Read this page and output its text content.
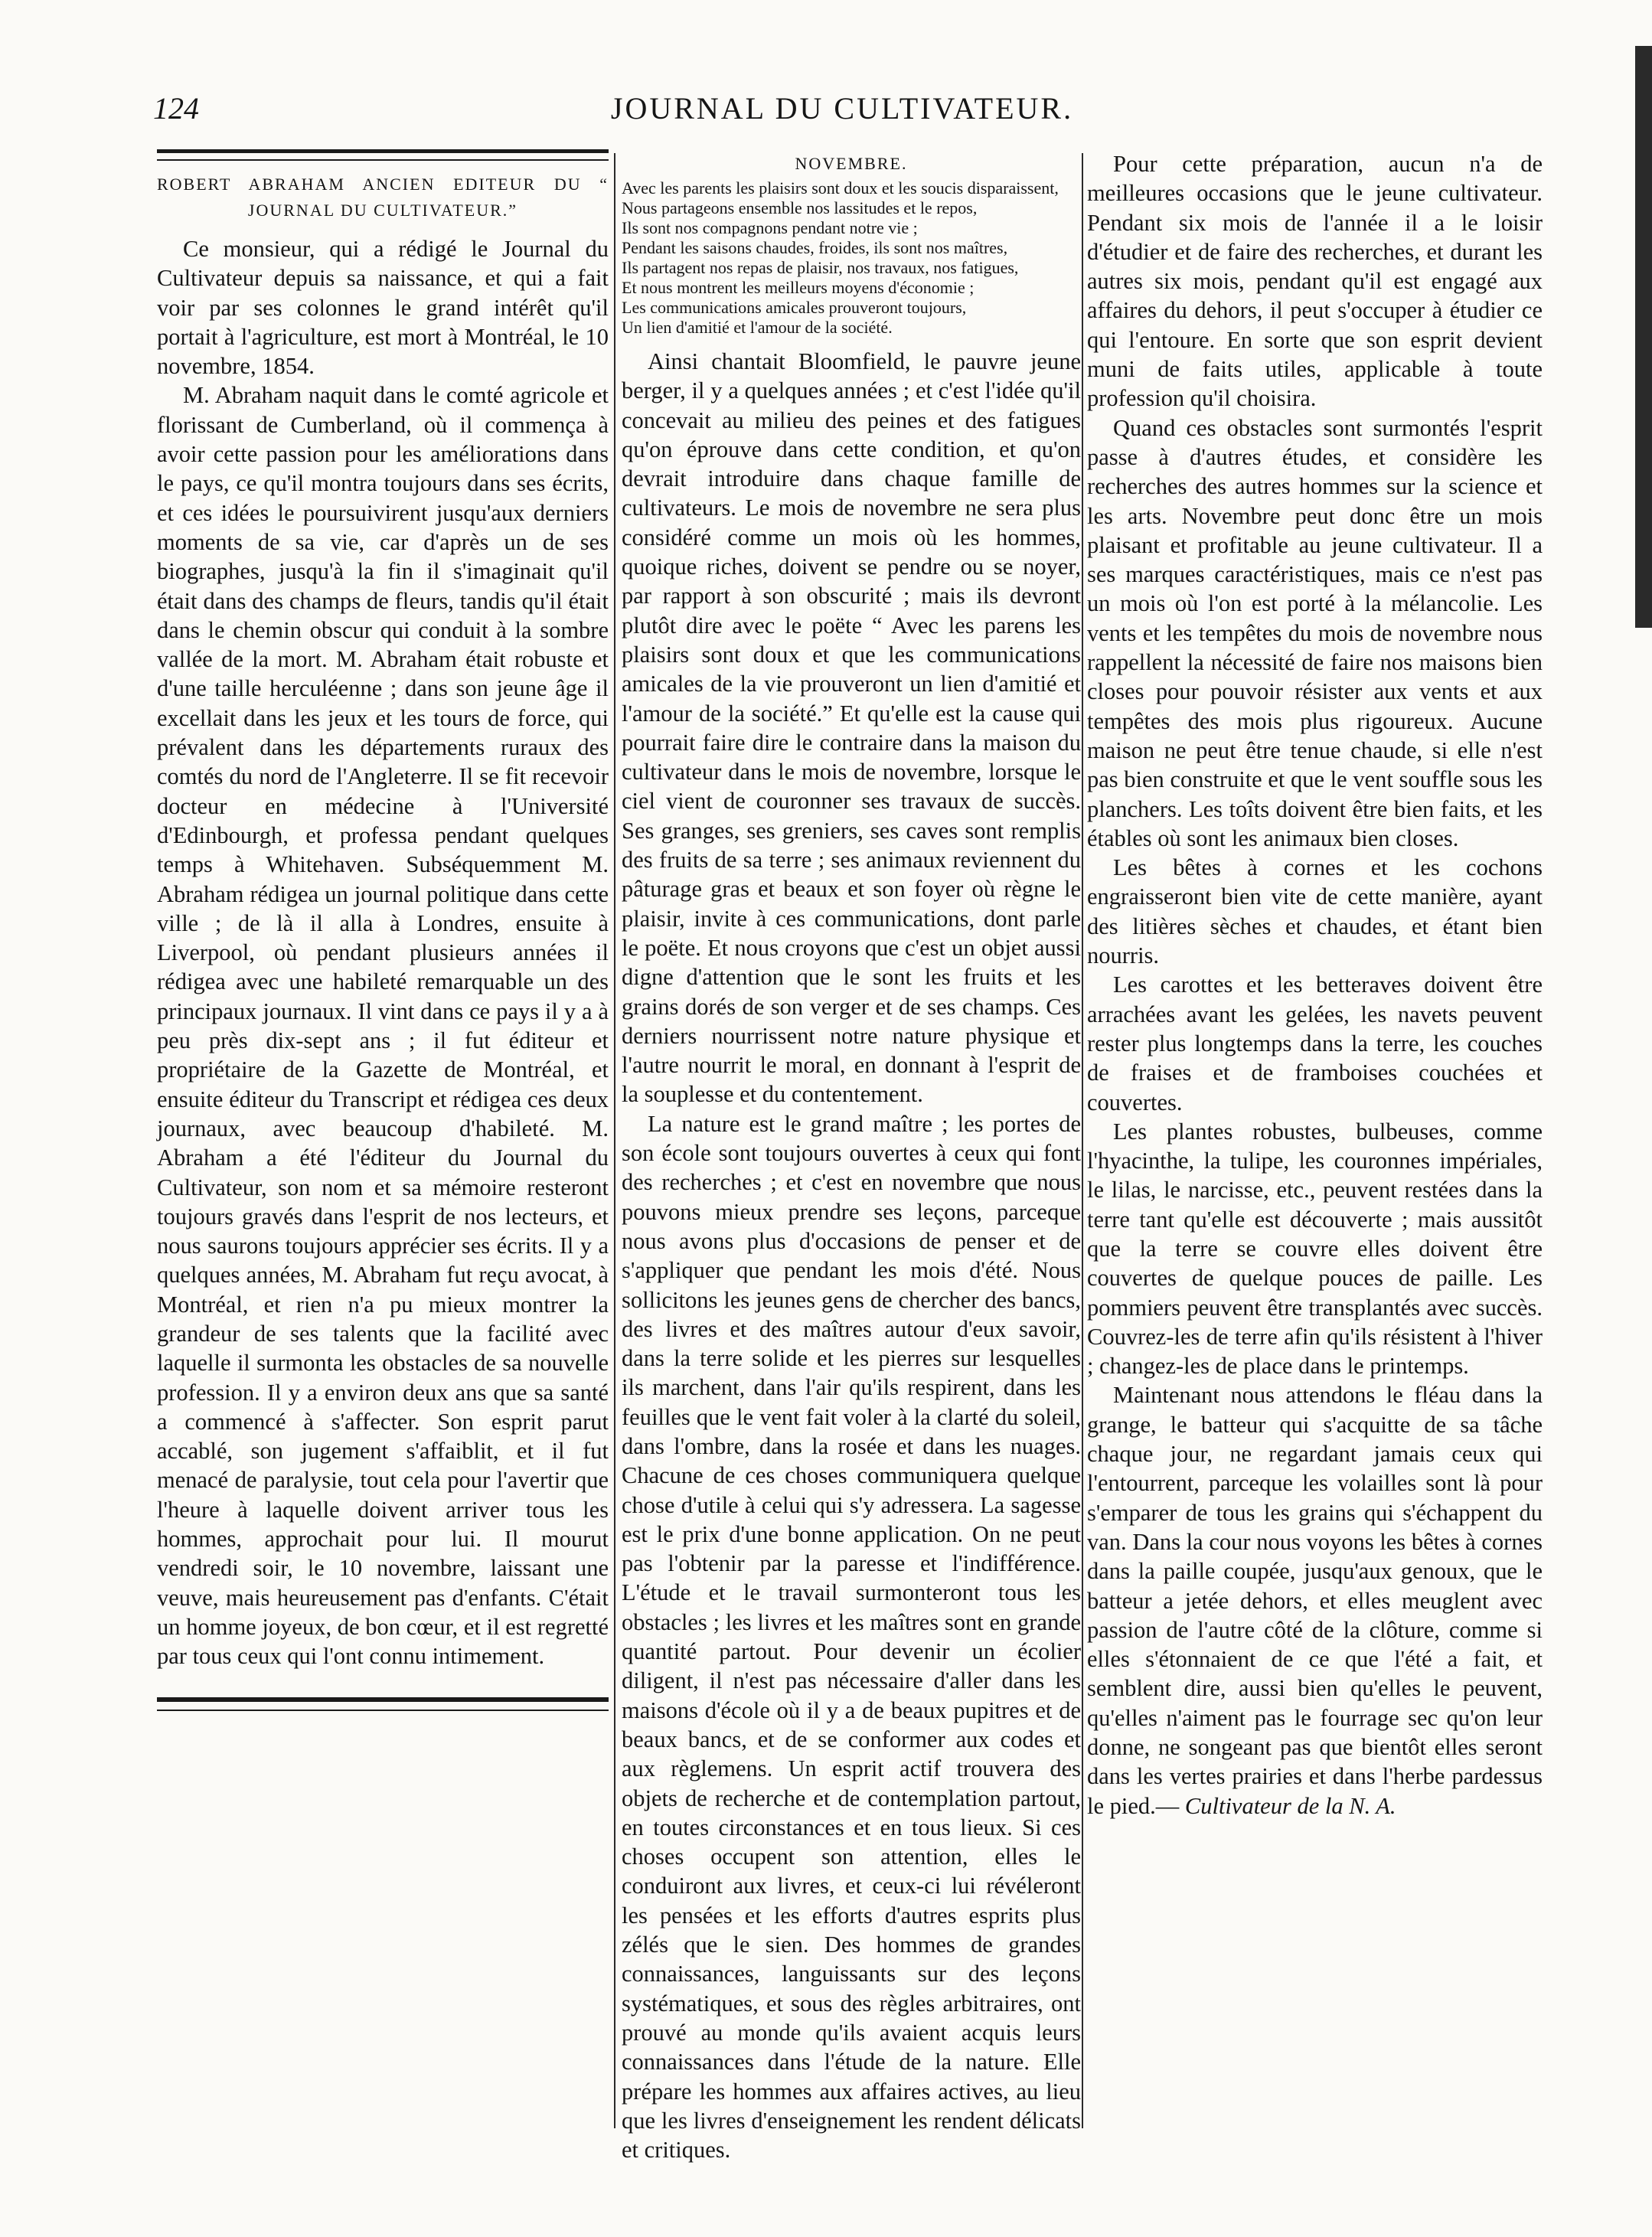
124	JOURNAL DU CULTIVATEUR.
ROBERT ABRAHAM ANCIEN EDITEUR DU “ JOURNAL DU CULTIVATEUR.”

Ce monsieur, qui a rédigé le Journal du Cultivateur depuis sa naissance, et qui a fait voir par ses colonnes le grand intérêt qu'il portait à l'agriculture, est mort à Montréal, le 10 novembre, 1854.

M. Abraham naquit dans le comté agricole et florissant de Cumberland, où il commença à avoir cette passion pour les améliorations dans le pays, ce qu'il montra toujours dans ses écrits, et ces idées le poursuivirent jusqu'aux derniers moments de sa vie, car d'après un de ses biographes, jusqu'à la fin il s'imaginait qu'il était dans des champs de fleurs, tandis qu'il était dans le chemin obscur qui conduit à la sombre vallée de la mort. M. Abraham était robuste et d'une taille herculéenne ; dans son jeune âge il excellait dans les jeux et les tours de force, qui prévalent dans les départements ruraux des comtés du nord de l'Angleterre. Il se fit recevoir docteur en médecine à l'Université d'Edinbourgh, et professa pendant quelques temps à Whitehaven. Subséquemment M. Abraham rédigea un journal politique dans cette ville ; de là il alla à Londres, ensuite à Liverpool, où pendant plusieurs années il rédigea avec une habileté remarquable un des principaux journaux. Il vint dans ce pays il y a à peu près dix-sept ans ; il fut éditeur et propriétaire de la Gazette de Montréal, et ensuite éditeur du Transcript et rédigea ces deux journaux, avec beaucoup d'habileté. M. Abraham a été l'éditeur du Journal du Cultivateur, son nom et sa mémoire resteront toujours gravés dans l'esprit de nos lecteurs, et nous saurons toujours apprécier ses écrits. Il y a quelques années, M. Abraham fut reçu avocat, à Montréal, et rien n'a pu mieux montrer la grandeur de ses talents que la facilité avec laquelle il surmonta les obstacles de sa nouvelle profession. Il y a environ deux ans que sa santé a commencé à s'affecter. Son esprit parut accablé, son jugement s'affaiblit, et il fut menacé de paralysie, tout cela pour l'avertir que l'heure à laquelle doivent arriver tous les hommes, approchait pour lui. Il mourut vendredi soir, le 10 novembre, laissant une veuve, mais heureusement pas d'enfants. C'était un homme joyeux, de bon cœur, et il est regretté par tous ceux qui l'ont connu intimement.

NOVEMBRE.
Avec les parents les plaisirs sont doux et les soucis disparaissent,
Nous partageons ensemble nos lassitudes et le repos,
Ils sont nos compagnons pendant notre vie ;
Pendant les saisons chaudes, froides, ils sont nos maîtres,
Ils partagent nos repas de plaisir, nos travaux, nos fatigues,
Et nous montrent les meilleurs moyens d'économie ;
Les communications amicales prouveront toujours,
Un lien d'amitié et l'amour de la société.

Ainsi chantait Bloomfield, le pauvre jeune berger, il y a quelques années ; et c'est l'idée qu'il concevait au milieu des peines et des fatigues qu'on éprouve dans cette condition, et qu'on devrait introduire dans chaque famille de cultivateurs. Le mois de novembre ne sera plus considéré comme un mois où les hommes, quoique riches, doivent se pendre ou se noyer, par rapport à son obscurité ; mais ils devront plutôt dire avec le poëte “ Avec les parens les plaisirs sont doux et que les communications amicales de la vie prouveront un lien d'amitié et l'amour de la société.” Et qu'elle est la cause qui pourrait faire dire le contraire dans la maison du cultivateur dans le mois de novembre, lorsque le ciel vient de couronner ses travaux de succès. Ses granges, ses greniers, ses caves sont remplis des fruits de sa terre ; ses animaux reviennent du pâturage gras et beaux et son foyer où règne le plaisir, invite à ces communications, dont parle le poëte. Et nous croyons que c'est un objet aussi digne d'attention que le sont les fruits et les grains dorés de son verger et de ses champs. Ces derniers nourrissent notre nature physique et l'autre nourrit le moral, en donnant à l'esprit de la souplesse et du contentement.

La nature est le grand maître ; les portes de son école sont toujours ouvertes à ceux qui font des recherches ; et c'est en novembre que nous pouvons mieux prendre ses leçons, parceque nous avons plus d'occasions de penser et de s'appliquer que pendant les mois d'été. Nous sollicitons les jeunes gens de chercher des bancs, des livres et des maîtres autour d'eux savoir, dans la terre solide et les pierres sur lesquelles ils marchent, dans l'air qu'ils respirent, dans les feuilles que le vent fait voler à la clarté du soleil, dans l'ombre, dans la rosée et dans les nuages. Chacune de ces choses communiquera quelque chose d'utile à celui qui s'y adressera. La sagesse est le prix d'une bonne application. On ne peut pas l'obtenir par la paresse et l'indifférence. L'étude et le travail surmonteront tous les obstacles ; les livres et les maîtres sont en grande quantité partout. Pour devenir un écolier diligent, il n'est pas nécessaire d'aller dans les maisons d'école où il y a de beaux pupitres et de beaux bancs, et de se conformer aux codes et aux règlemens. Un esprit actif trouvera des objets de recherche et de contemplation partout, en toutes circonstances et en tous lieux. Si ces choses occupent son attention, elles le conduiront aux livres, et ceux-ci lui révéleront les pensées et les efforts d'autres esprits plus zélés que le sien. Des hommes de grandes connaissances, languissants sur des leçons systématiques, et sous des règles arbitraires, ont prouvé au monde qu'ils avaient acquis leurs connaissances dans l'étude de la nature. Elle prépare les hommes aux affaires actives, au lieu que les livres d'enseignement les rendent délicats et critiques.

Pour cette préparation, aucun n'a de meilleures occasions que le jeune cultivateur. Pendant six mois de l'année il a le loisir d'étudier et de faire des recherches, et durant les autres six mois, pendant qu'il est engagé aux affaires du dehors, il peut s'occuper à étudier ce qui l'entoure. En sorte que son esprit devient muni de faits utiles, applicable à toute profession qu'il choisira.

Quand ces obstacles sont surmontés l'esprit passe à d'autres études, et considère les recherches des autres hommes sur la science et les arts. Novembre peut donc être un mois plaisant et profitable au jeune cultivateur. Il a ses marques caractéristiques, mais ce n'est pas un mois où l'on est porté à la mélancolie. Les vents et les tempêtes du mois de novembre nous rappellent la nécessité de faire nos maisons bien closes pour pouvoir résister aux vents et aux tempêtes des mois plus rigoureux. Aucune maison ne peut être tenue chaude, si elle n'est pas bien construite et que le vent souffle sous les planchers. Les toîts doivent être bien faits, et les étables où sont les animaux bien closes.

Les bêtes à cornes et les cochons engraisseront bien vite de cette manière, ayant des litières sèches et chaudes, et étant bien nourris.

Les carottes et les betteraves doivent être arrachées avant les gelées, les navets peuvent rester plus longtemps dans la terre, les couches de fraises et de framboises couchées et couvertes.

Les plantes robustes, bulbeuses, comme l'hyacinthe, la tulipe, les couronnes impériales, le lilas, le narcisse, etc., peuvent restées dans la terre tant qu'elle est découverte ; mais aussitôt que la terre se couvre elles doivent être couvertes de quelque pouces de paille. Les pommiers peuvent être transplantés avec succès. Couvrez-les de terre afin qu'ils résistent à l'hiver ; changez-les de place dans le printemps.

Maintenant nous attendons le fléau dans la grange, le batteur qui s'acquitte de sa tâche chaque jour, ne regardant jamais ceux qui l'entourrent, parceque les volailles sont là pour s'emparer de tous les grains qui s'échappent du van. Dans la cour nous voyons les bêtes à cornes dans la paille coupée, jusqu'aux genoux, que le batteur a jetée dehors, et elles meuglent avec passion de l'autre côté de la clôture, comme si elles s'étonnaient de ce que l'été a fait, et semblent dire, aussi bien qu'elles le peuvent, qu'elles n'aiment pas le fourrage sec qu'on leur donne, ne songeant pas que bientôt elles seront dans les vertes prairies et dans l'herbe pardessus le pied.— Cultivateur de la N. A.
